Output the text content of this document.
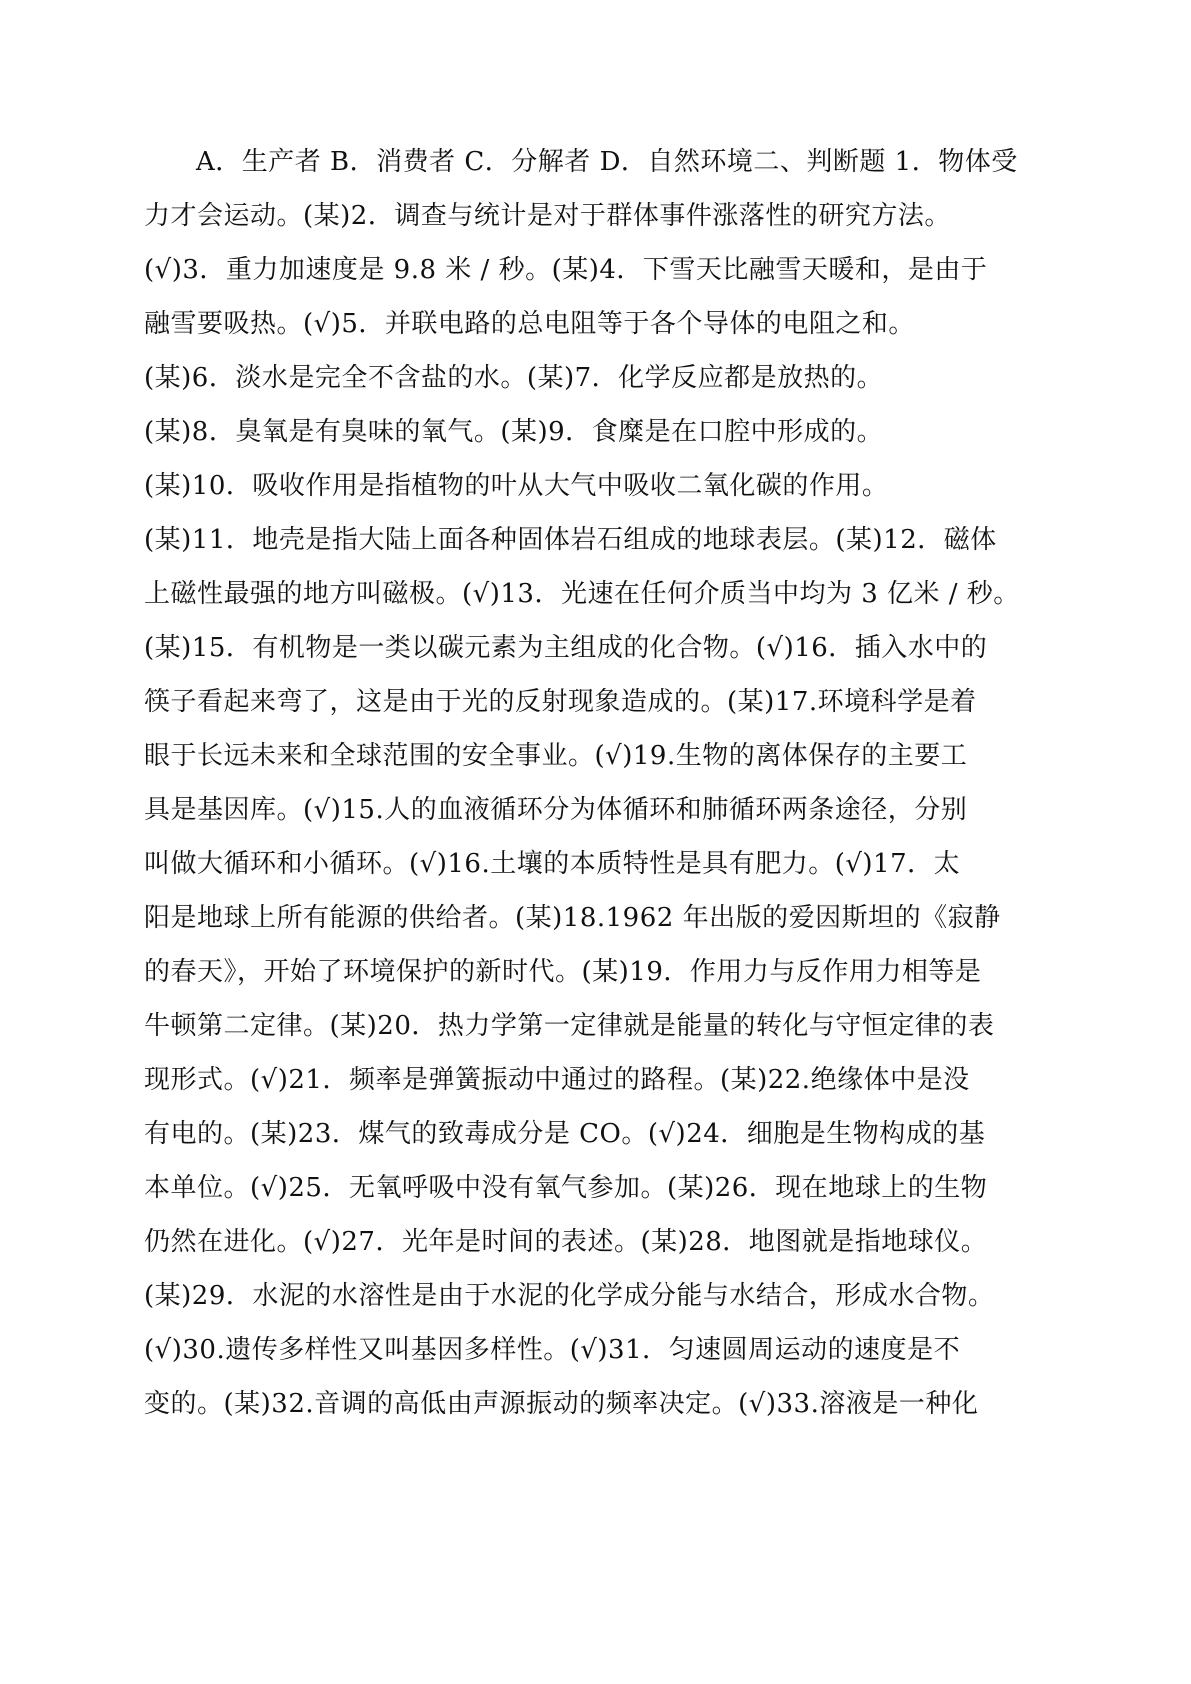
A．生产者 B．消费者 C．分解者 D．自然环境二、判断题 1．物体受
力才会运动。(某)2．调查与统计是对于群体事件涨落性的研究方法。
(√)3．重力加速度是 9.8 米 / 秒。(某)4．下雪天比融雪天暖和，是由于
融雪要吸热。(√)5．并联电路的总电阻等于各个导体的电阻之和。
(某)6．淡水是完全不含盐的水。(某)7．化学反应都是放热的。
(某)8．臭氧是有臭味的氧气。(某)9．食糜是在口腔中形成的。
(某)10．吸收作用是指植物的叶从大气中吸收二氧化碳的作用。
(某)11．地壳是指大陆上面各种固体岩石组成的地球表层。(某)12．磁体
上磁性最强的地方叫磁极。(√)13．光速在任何介质当中均为 3 亿米 / 秒。
(某)15．有机物是一类以碳元素为主组成的化合物。(√)16．插入水中的
筷子看起来弯了，这是由于光的反射现象造成的。(某)17.环境科学是着
眼于长远未来和全球范围的安全事业。(√)19.生物的离体保存的主要工
具是基因库。(√)15.人的血液循环分为体循环和肺循环两条途径，分别
叫做大循环和小循环。(√)16.土壤的本质特性是具有肥力。(√)17．太
阳是地球上所有能源的供给者。(某)18.1962 年出版的爱因斯坦的《寂静
的春天》，开始了环境保护的新时代。(某)19．作用力与反作用力相等是
牛顿第二定律。(某)20．热力学第一定律就是能量的转化与守恒定律的表
现形式。(√)21．频率是弹簧振动中通过的路程。(某)22.绝缘体中是没
有电的。(某)23．煤气的致毒成分是 CO。(√)24．细胞是生物构成的基
本单位。(√)25．无氧呼吸中没有氧气参加。(某)26．现在地球上的生物
仍然在进化。(√)27．光年是时间的表述。(某)28．地图就是指地球仪。
(某)29．水泥的水溶性是由于水泥的化学成分能与水结合，形成水合物。
(√)30.遗传多样性又叫基因多样性。(√)31．匀速圆周运动的速度是不
变的。(某)32.音调的高低由声源振动的频率决定。(√)33.溶液是一种化
